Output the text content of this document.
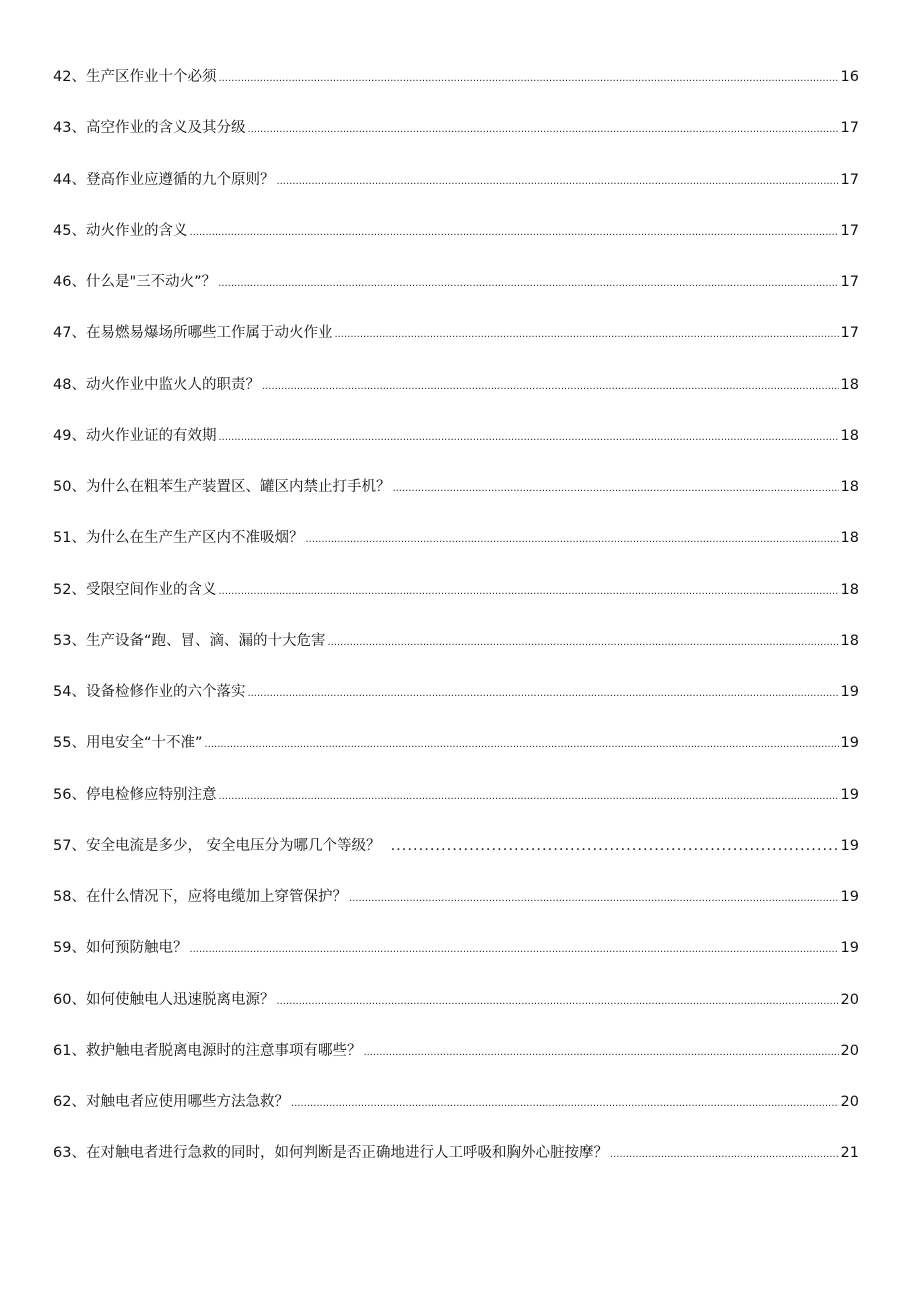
42、生产区作业十个必须 .....	16
43、高空作业的含义及其分级 .....	17
44、登高作业应遵循的九个原则？ .....	17
45、动火作业的含义 .....	17
46、什么是"三不动火”？ .....	17
47、在易燃易爆场所哪些工作属于动火作业 .....	17
48、动火作业中监火人的职责？ .....	18
49、动火作业证的有效期 .....	18
50、为什么在粗苯生产装置区、罐区内禁止打手机？ .....	18
51、为什么在生产生产区内不准吸烟？ .....	18
52、受限空间作业的含义 .....	18
53、生产设备“跑、冒、滴、漏的十大危害 .....	18
54、设备检修作业的六个落实 .....	19
55、用电安全“十不准” .....	19
56、停电检修应特别注意 .....	19
57、安全电流是多少， 安全电压分为哪几个等级？ .....	19
58、在什么情况下，应将电缆加上穿管保护？ .....	19
59、如何预防触电？ .....	19
60、如何使触电人迅速脱离电源？ .....	20
61、救护触电者脱离电源时的注意事项有哪些？ .....	20
62、对触电者应使用哪些方法急救？ .....	20
63、在对触电者进行急救的同时，如何判断是否正确地进行人工呼吸和胸外心脏按摩？ .....	21
